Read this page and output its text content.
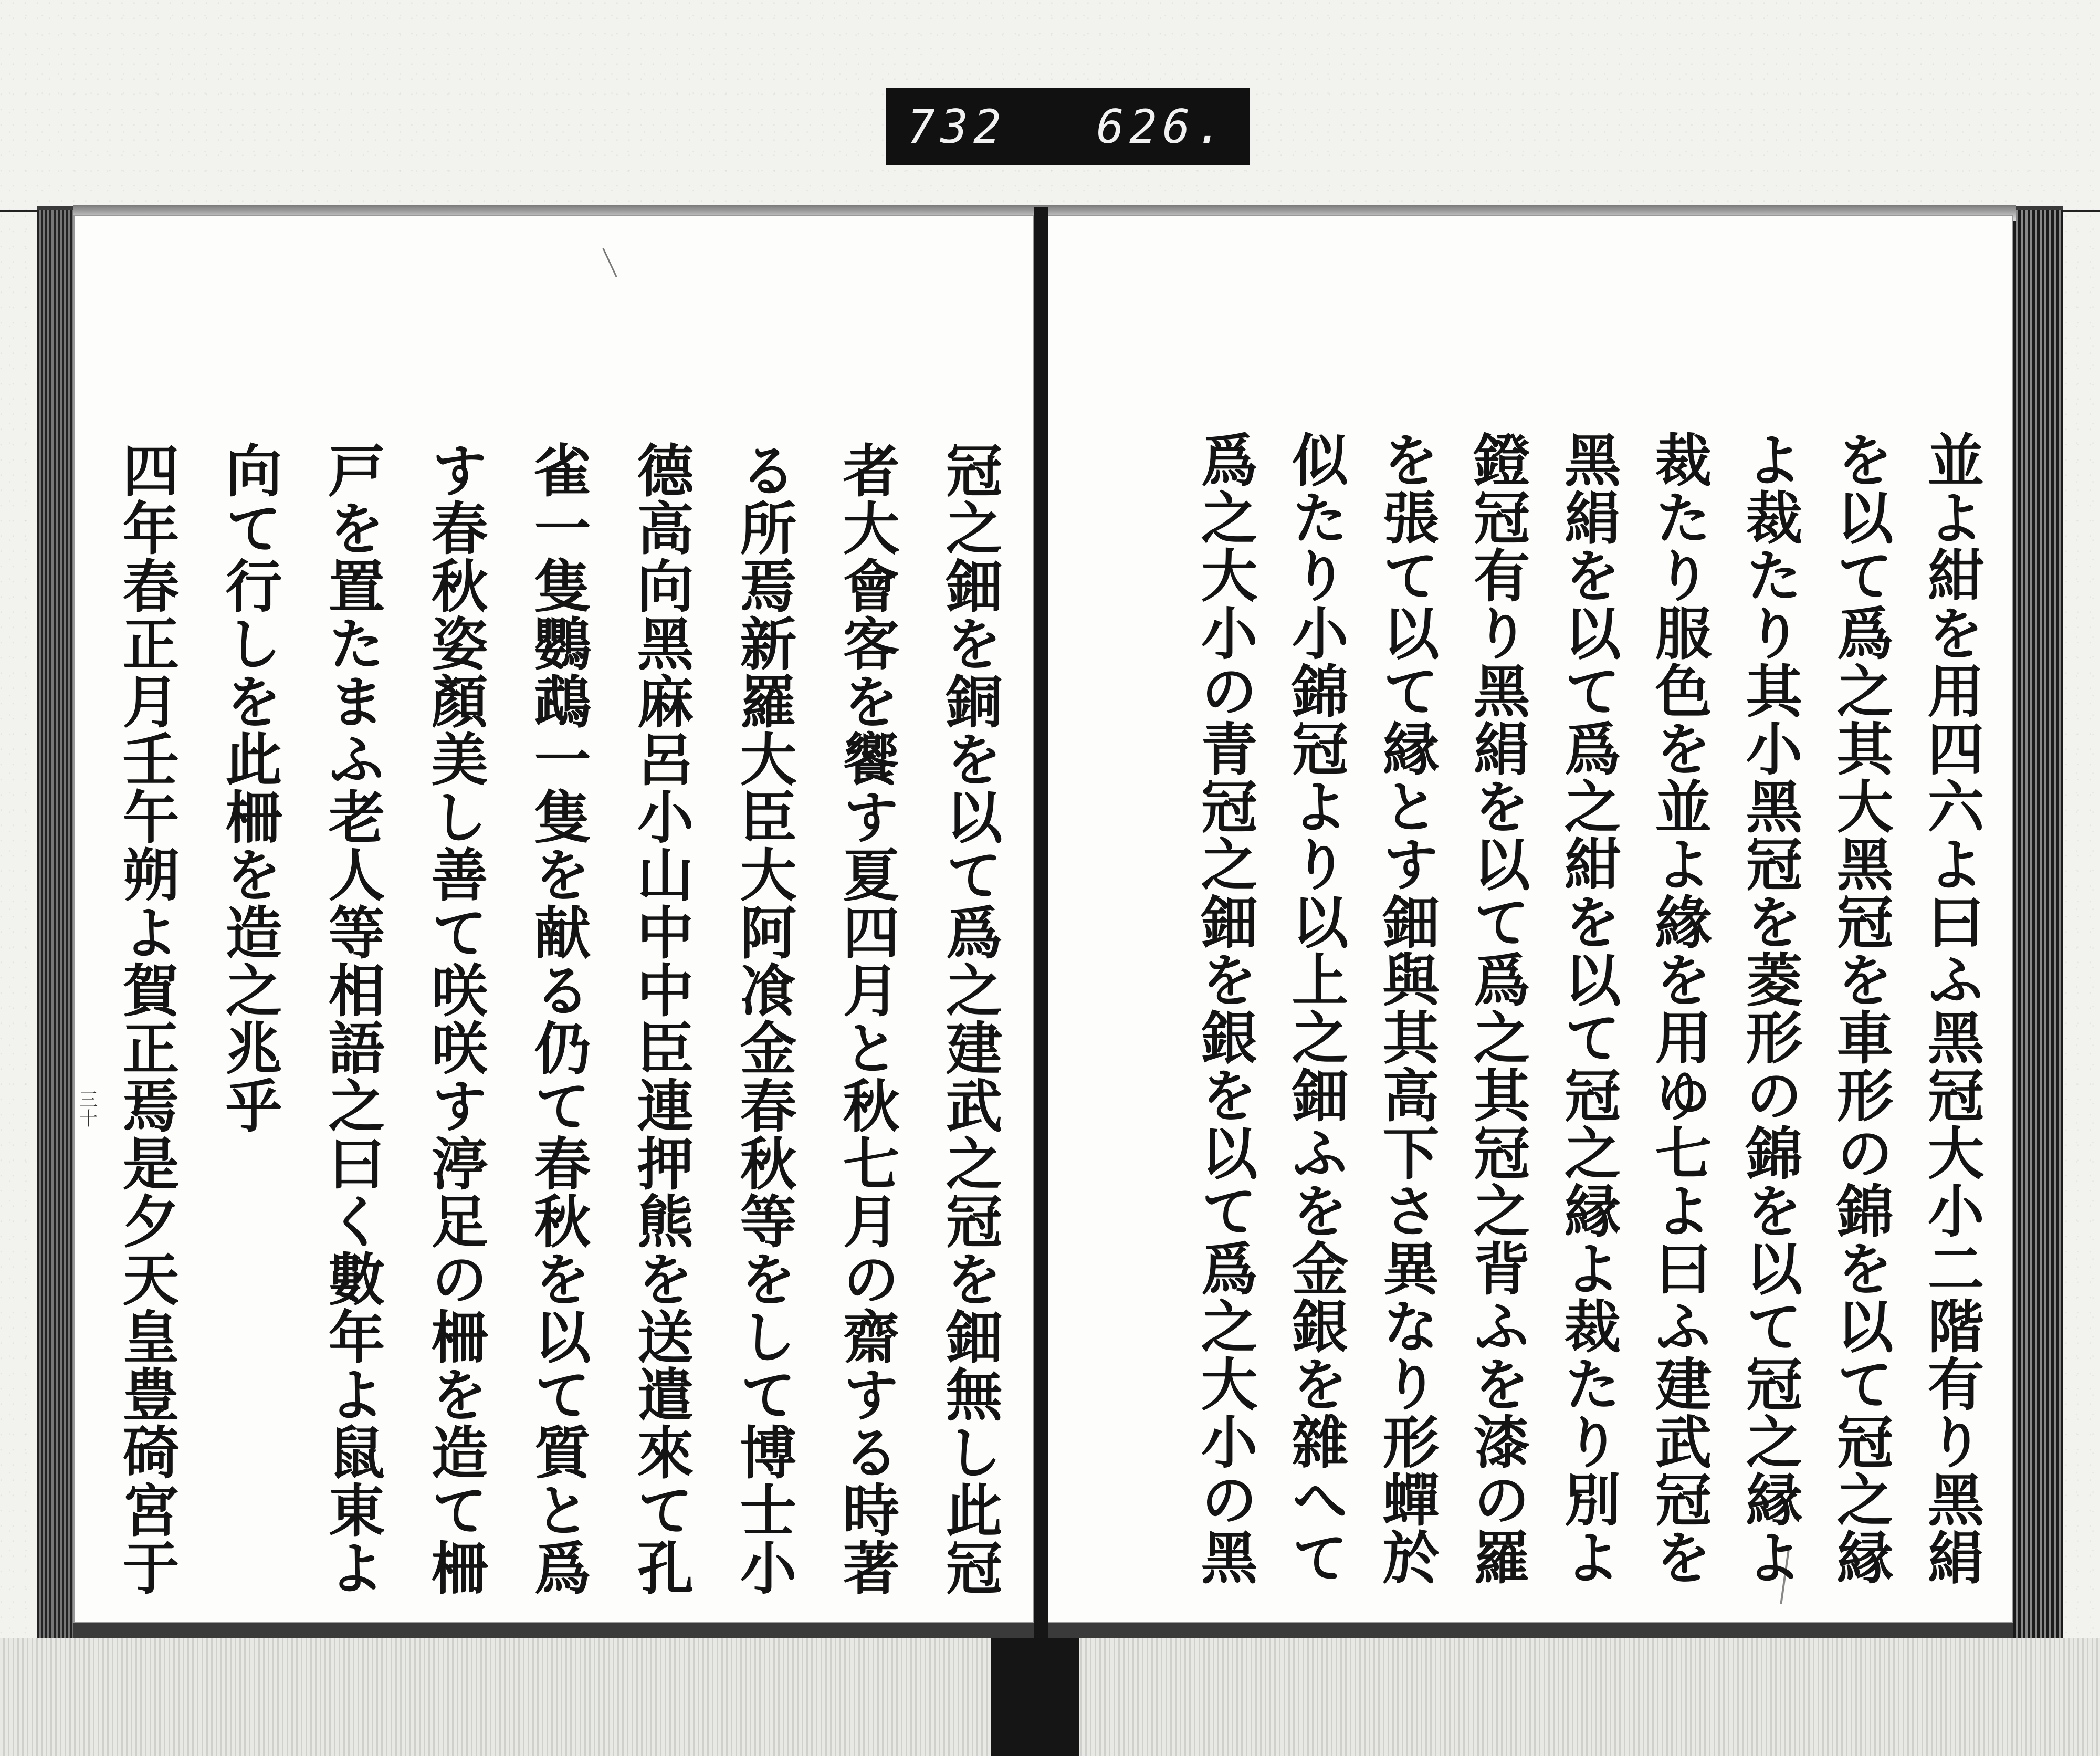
732 626.
冠之鈿を銅を以て爲之建武之冠を鈿無し此冠
者大會客を饗す夏四月と秋七月の齋する時著
る所焉新羅大臣大阿飡金春秋等をして博士小
德高向黑麻呂小山中中臣連押熊を送遣來て孔
雀一隻鸚鵡一隻を献る仍て春秋を以て質と爲
す春秋姿顏美し善て咲咲す渟足の柵を造て柵
戸を置たまふ老人等相語之曰く數年よ鼠東よ
向て行しを此柵を造之兆乎
四年春正月壬午朔よ賀正焉是夕天皇豊碕宮于
三十	並よ紺を用四六よ曰ふ黑冠大小二階有り黑絹
を以て爲之其大黑冠を車形の錦を以て冠之縁
よ裁たり其小黑冠を菱形の錦を以て冠之縁よ
裁たり服色を並よ緣を用ゆ七よ曰ふ建武冠を
黑絹を以て爲之紺を以て冠之縁よ裁たり別よ
鐙冠有り黑絹を以て爲之其冠之背ふを漆の羅
を張て以て縁とす鈿與其高下さ異なり形蟬於
似たり小錦冠より以上之鈿ふを金銀を雜へて
爲之大小の青冠之鈿を銀を以て爲之大小の黑
